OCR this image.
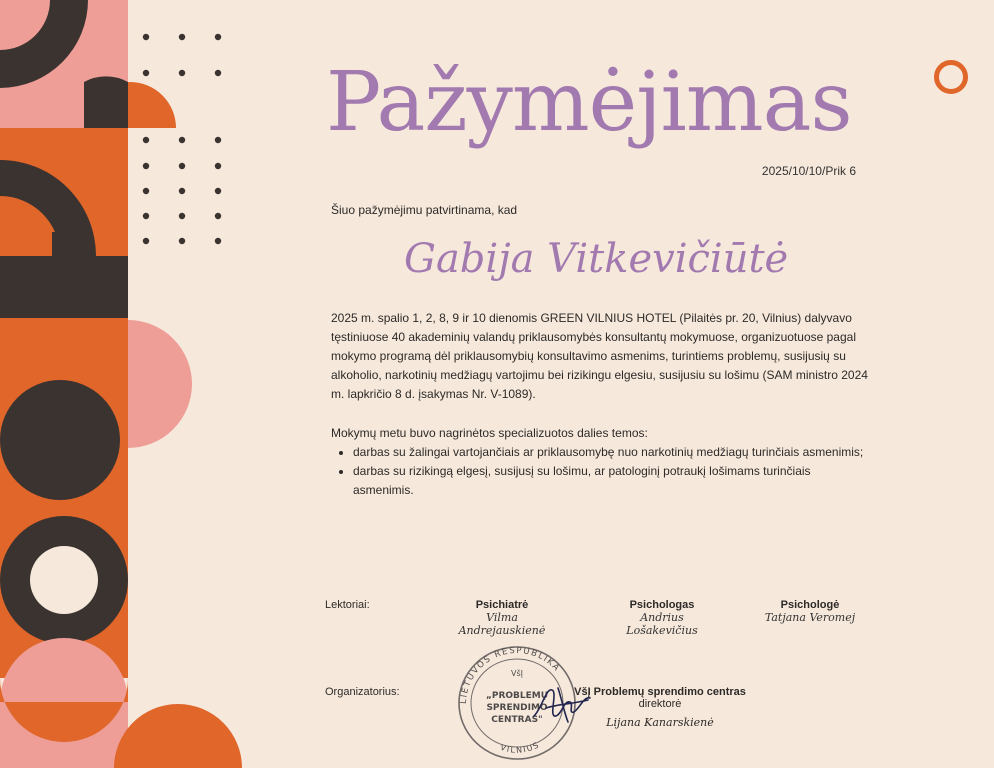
Pažymėjimas
2025/10/10/Prik 6
Šiuo pažymėjimu patvirtinama, kad
Gabija Vitkevičiūtė
2025 m. spalio 1, 2, 8, 9 ir 10 dienomis GREEN VILNIUS HOTEL (Pilaitės pr. 20, Vilnius) dalyvavo tęstiniuose 40 akademinių valandų priklausomybės konsultantų mokymuose, organizuotuose pagal mokymo programą dėl priklausomybių konsultavimo asmenims, turintiems problemų, susijusių su alkoholio, narkotinių medžiagų vartojimu bei rizikingu elgesiu, susijusiu su lošimu (SAM ministro 2024 m. lapkričio 8 d. įsakymas Nr. V-1089).
Mokymų metu buvo nagrinėtos specializuotos dalies temos:
• darbas su žalingai vartojančiais ar priklausomybę nuo narkotinių medžiagų turinčiais asmenimis;
• darbas su rizikingą elgesį, susijusį su lošimu, ar patologinį potraukį lošimams turinčiais asmenimis.
Lektoriai:	Psichiatrė
Vilma Andrejauskienė
Psichologas
Andrius Lošakevičius
Psichologė
Tatjana Veromej
Organizatorius:
LIETUVOS RESPUBLIKA
VILNIUS
VšĮ
„PROBLEMŲ
SPRENDIMO
CENTRAS"
VšĮ Problemų sprendimo centras
direktorė
Lijana Kanarskienė
